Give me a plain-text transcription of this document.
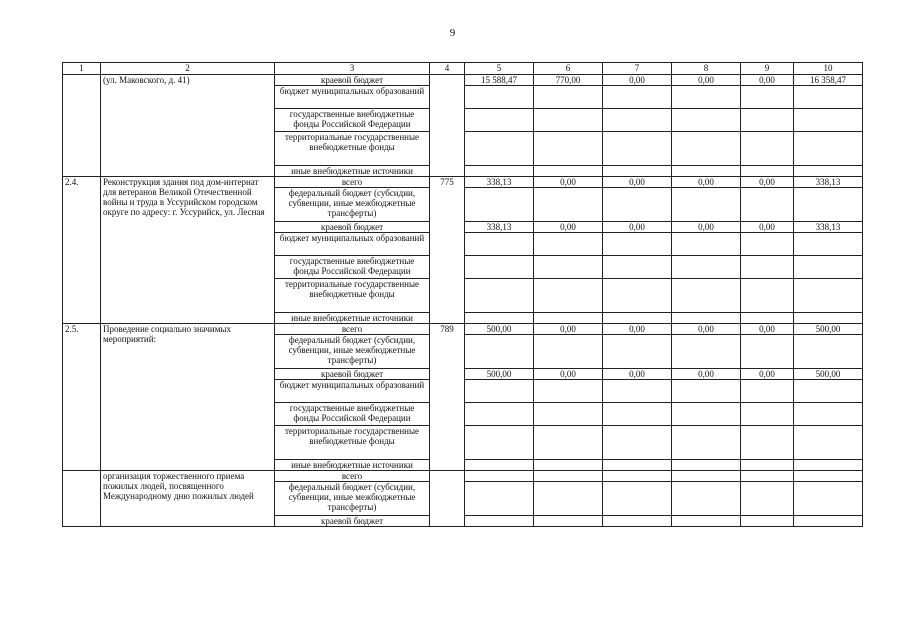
9
1	2	3	4	5	6	7	8	9	10
	(ул. Маковского, д. 41)	краевой бюджет		15 588,47	770,00	0,00	0,00	0,00	16 358,47
		бюджет муниципальных образований							
		государственные внебюджетные фонды Российской Федерации							
		территориальные государственные внебюджетные фонды							
		иные внебюджетные источники							
2.4.	Реконструкция здания под дом-интернат для ветеранов Великой Отечественной войны и труда в Уссурийском городском округе по адресу: г. Уссурийск, ул. Лесная	всего	775	338,13	0,00	0,00	0,00	0,00	338,13
		федеральный бюджет (субсидии, субвенции, иные межбюджетные трансферты)							
		краевой бюджет		338,13	0,00	0,00	0,00	0,00	338,13
		бюджет муниципальных образований							
		государственные внебюджетные фонды Российской Федерации							
		территориальные государственные внебюджетные фонды							
		иные внебюджетные источники							
2.5.	Проведение социально значимых мероприятий:	всего	789	500,00	0,00	0,00	0,00	0,00	500,00
		федеральный бюджет (субсидии, субвенции, иные межбюджетные трансферты)							
		краевой бюджет		500,00	0,00	0,00	0,00	0,00	500,00
		бюджет муниципальных образований							
		государственные внебюджетные фонды Российской Федерации							
		территориальные государственные внебюджетные фонды							
		иные внебюджетные источники							
	организация торжественного приема пожилых людей, посвященного Международному дню пожилых людей	всего							
		федеральный бюджет (субсидии, субвенции, иные межбюджетные трансферты)							
		краевой бюджет							
